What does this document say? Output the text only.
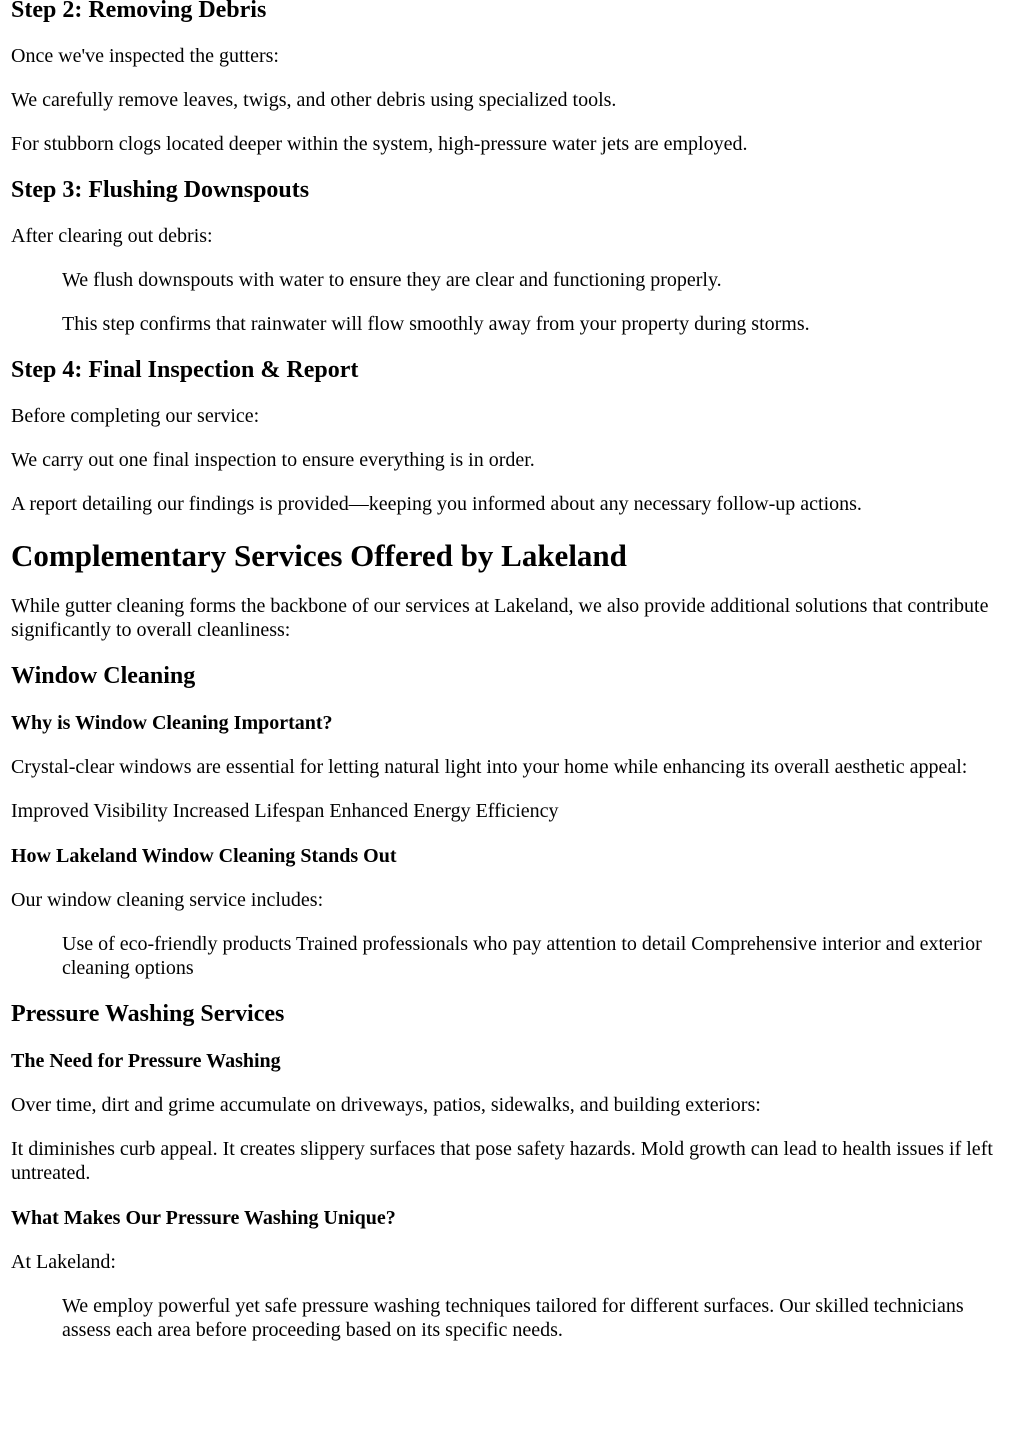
Step 2: Removing Debris

Once we've inspected the gutters:

We carefully remove leaves, twigs, and other debris using specialized tools.

For stubborn clogs located deeper within the system, high-pressure water jets are employed.

Step 3: Flushing Downspouts

After clearing out debris:

We flush downspouts with water to ensure they are clear and functioning properly.

This step confirms that rainwater will flow smoothly away from your property during storms.

Step 4: Final Inspection & Report

Before completing our service:

We carry out one final inspection to ensure everything is in order.

A report detailing our findings is provided—keeping you informed about any necessary follow-up actions.

Complementary Services Offered by Lakeland

While gutter cleaning forms the backbone of our services at Lakeland, we also provide additional solutions that contribute significantly to overall cleanliness:

Window Cleaning
Why is Window Cleaning Important?

Crystal-clear windows are essential for letting natural light into your home while enhancing its overall aesthetic appeal:

Improved Visibility Increased Lifespan Enhanced Energy Efficiency

How Lakeland Window Cleaning Stands Out

Our window cleaning service includes:

Use of eco-friendly products Trained professionals who pay attention to detail Comprehensive interior and exterior cleaning options

Pressure Washing Services
The Need for Pressure Washing

Over time, dirt and grime accumulate on driveways, patios, sidewalks, and building exteriors:

It diminishes curb appeal. It creates slippery surfaces that pose safety hazards. Mold growth can lead to health issues if left untreated.

What Makes Our Pressure Washing Unique?

At Lakeland:

We employ powerful yet safe pressure washing techniques tailored for different surfaces. Our skilled technicians assess each area before proceeding based on its specific needs.
